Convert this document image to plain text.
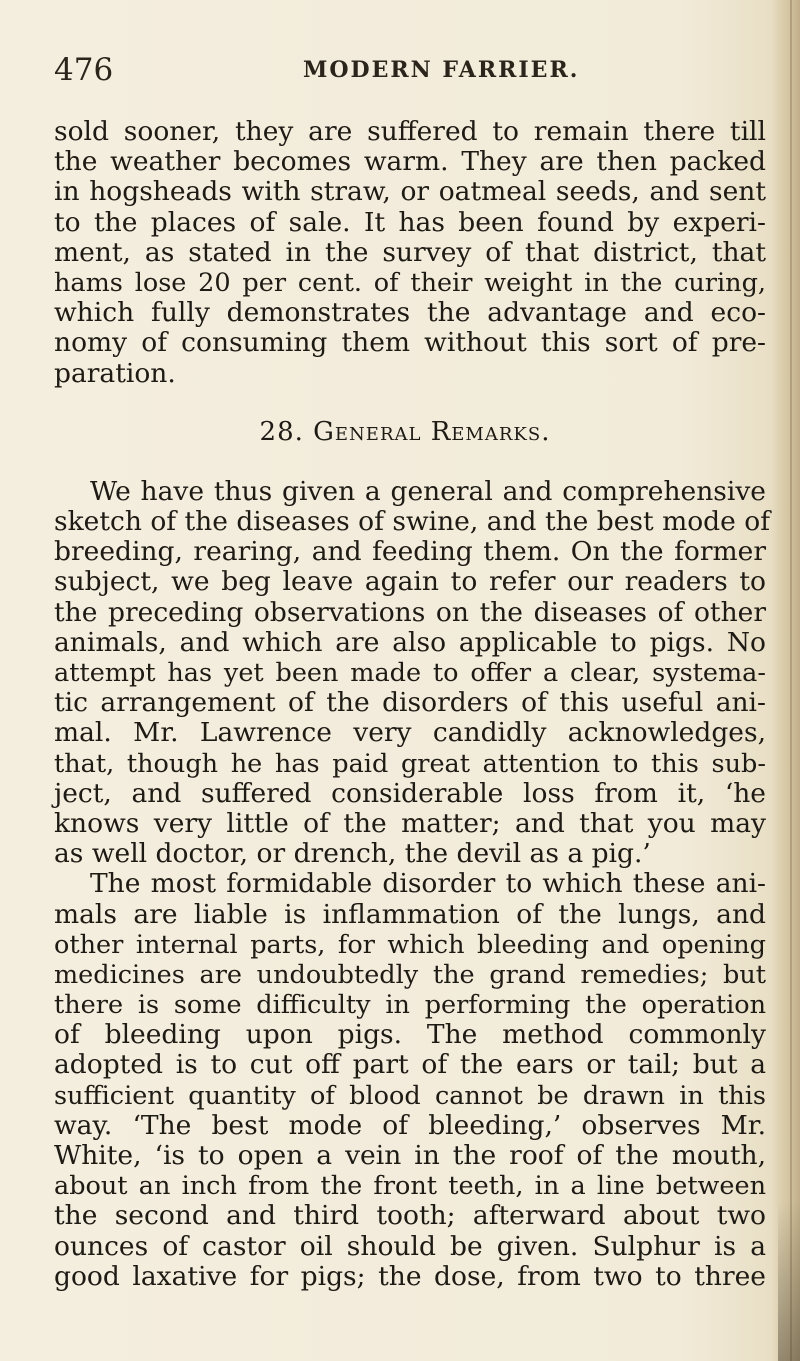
476	MODERN FARRIER.
sold sooner, they are suffered to remain there till
the weather becomes warm. They are then packed
in hogsheads with straw, or oatmeal seeds, and sent
to the places of sale. It has been found by experi-
ment, as stated in the survey of that district, that
hams lose 20 per cent. of their weight in the curing,
which fully demonstrates the advantage and eco-
nomy of consuming them without this sort of pre-
paration.
28. General Remarks.
We have thus given a general and comprehensive
sketch of the diseases of swine, and the best mode of
breeding, rearing, and feeding them. On the former
subject, we beg leave again to refer our readers to
the preceding observations on the diseases of other
animals, and which are also applicable to pigs. No
attempt has yet been made to offer a clear, systema-
tic arrangement of the disorders of this useful ani-
mal. Mr. Lawrence very candidly acknowledges,
that, though he has paid great attention to this sub-
ject, and suffered considerable loss from it, ‘he
knows very little of the matter; and that you may
as well doctor, or drench, the devil as a pig.’
The most formidable disorder to which these ani-
mals are liable is inflammation of the lungs, and
other internal parts, for which bleeding and opening
medicines are undoubtedly the grand remedies; but
there is some difficulty in performing the operation
of bleeding upon pigs. The method commonly
adopted is to cut off part of the ears or tail; but a
sufficient quantity of blood cannot be drawn in this
way. ‘The best mode of bleeding,’ observes Mr.
White, ‘is to open a vein in the roof of the mouth,
about an inch from the front teeth, in a line between
the second and third tooth; afterward about two
ounces of castor oil should be given. Sulphur is a
good laxative for pigs; the dose, from two to three
